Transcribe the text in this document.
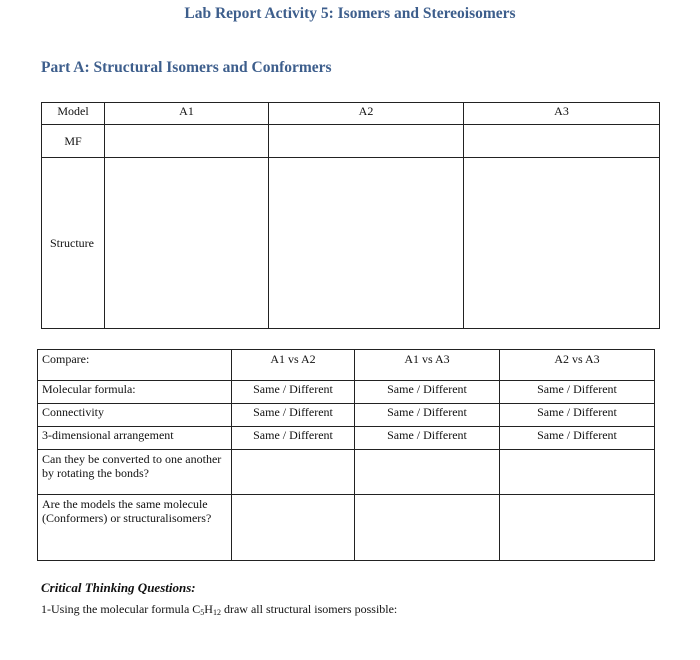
Lab Report Activity 5: Isomers and Stereoisomers
Part A: Structural Isomers and Conformers
Model	A1	A2	A3
MF			
Structure			
Compare:	A1 vs A2	A1 vs A3	A2 vs A3
Molecular formula:	Same / Different	Same / Different	Same / Different
Connectivity	Same / Different	Same / Different	Same / Different
3-dimensional arrangement	Same / Different	Same / Different	Same / Different
Can they be converted to one another by rotating the bonds?			
Are the models the same molecule (Conformers) or structuralisomers?			
Critical Thinking Questions:
1-Using the molecular formula $C_5H_{12}$ draw all structural isomers possible:
